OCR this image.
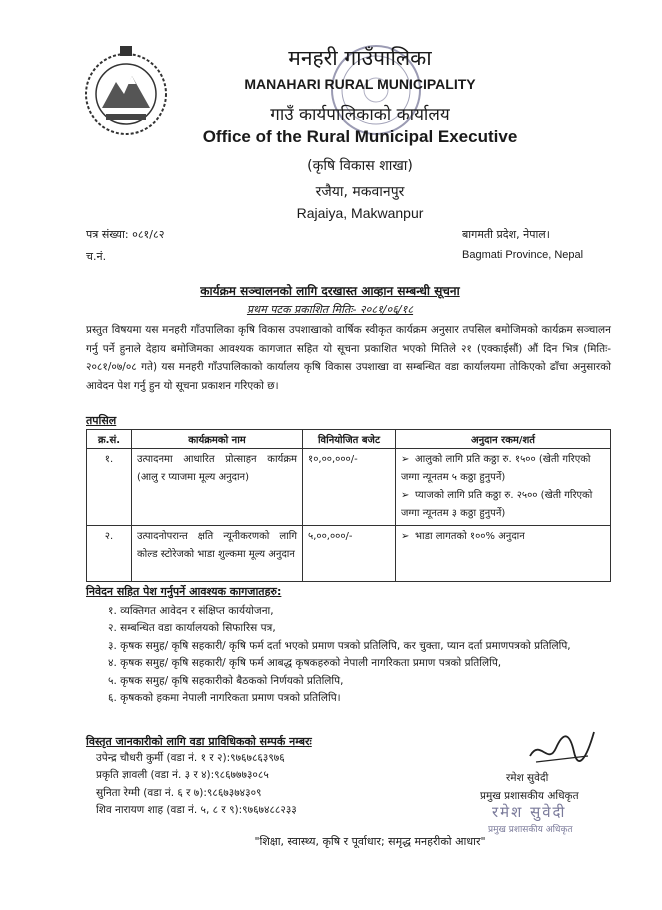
मनहरी गाउँपालिका
MANAHARI RURAL MUNICIPALITY
गाउँ कार्यपालिकाको कार्यालय
Office of the Rural Municipal Executive
(कृषि विकास शाखा)
रजैया, मकवानपुर
Rajaiya, Makwanpur
पत्र संख्या: ०८१/८२
च.नं.
बागमती प्रदेश, नेपाल।
Bagmati Province, Nepal
कार्यक्रम सञ्चालनको लागि दरखास्त आव्हान सम्बन्धी सूचना
प्रथम पटक प्रकाशित मितिः- २०८१/०६/१८
प्रस्तुत विषयमा यस मनहरी गाँउपालिका कृषि विकास उपशाखाको वार्षिक स्वीकृत कार्यक्रम अनुसार तपसिल बमोजिमको कार्यक्रम सञ्चालन गर्नु पर्ने हुनाले देहाय बमोजिमका आवश्यक कागजात सहित यो सूचना प्रकाशित भएको मितिले २१ (एक्काईसौं) औं दिन भित्र (मितिः- २०८१/०७/०८ गते) यस मनहरी गाँउपालिकाको कार्यालय कृषि विकास उपशाखा वा सम्बन्धित वडा कार्यालयमा तोकिएको ढाँचा अनुसारको आवेदन पेश गर्नु हुन यो सूचना प्रकाशन गरिएको छ।
तपसिल
क्र.सं.	कार्यक्रमको नाम	विनियोजित बजेट	अनुदान रकम/शर्त
१.	उत्पादनमा आधारित प्रोत्साहन कार्यक्रम (आलु र प्याजमा मूल्य अनुदान)	१०,००,०००/-	➢ आलुको लागि प्रति कठ्ठा रु. १५०० (खेती गरिएको जग्गा न्यूनतम ५ कठ्ठा हुनुपर्ने)
➢ प्याजको लागि प्रति कठ्ठा रु. २५०० (खेती गरिएको जग्गा न्यूनतम ३ कठ्ठा हुनुपर्ने)

२.	उत्पादनोपरान्त क्षति न्यूनीकरणको लागि कोल्ड स्टोरेजको भाडा शुल्कमा मूल्य अनुदान	५,००,०००/-	➢ भाडा लागतको १००% अनुदान
निवेदन सहित पेश गर्नुपर्ने आवश्यक कागजातहरु:
१. व्यक्तिगत आवेदन र संक्षिप्त कार्ययोजना,
२. सम्बन्धित वडा कार्यालयको सिफारिस पत्र,
३. कृषक समुह/ कृषि सहकारी/ कृषि फर्म दर्ता भएको प्रमाण पत्रको प्रतिलिपि, कर चुक्ता, प्यान दर्ता प्रमाणपत्रको प्रतिलिपि,
४. कृषक समुह/ कृषि सहकारी/ कृषि फर्म आबद्ध कृषकहरुको नेपाली नागरिकता प्रमाण पत्रको प्रतिलिपि,
५. कृषक समुह/ कृषि सहकारीको बैठकको निर्णयको प्रतिलिपि,
६. कृषकको हकमा नेपाली नागरिकता प्रमाण पत्रको प्रतिलिपि।
विस्तृत जानकारीको लागि वडा प्राविधिकको सम्पर्क नम्बरः
उपेन्द्र चौधरी कुर्मी (वडा नं. १ र २):९७६७८६३९७६
प्रकृति ज्ञावली (वडा नं. ३ र ४):९८६७७७३०८५
सुनिता रेग्मी (वडा नं. ६ र ७):९८६७३७४३०९
शिव नारायण शाह (वडा नं. ५, ८ र ९):९७६७४८८२३३
रमेश सुवेदी
प्रमुख प्रशासकीय अधिकृत
रमेश सुवेदी
प्रमुख प्रशासकीय अधिकृत
"शिक्षा, स्वास्थ्य, कृषि र पूर्वाधार; समृद्ध मनहरीको आधार"
